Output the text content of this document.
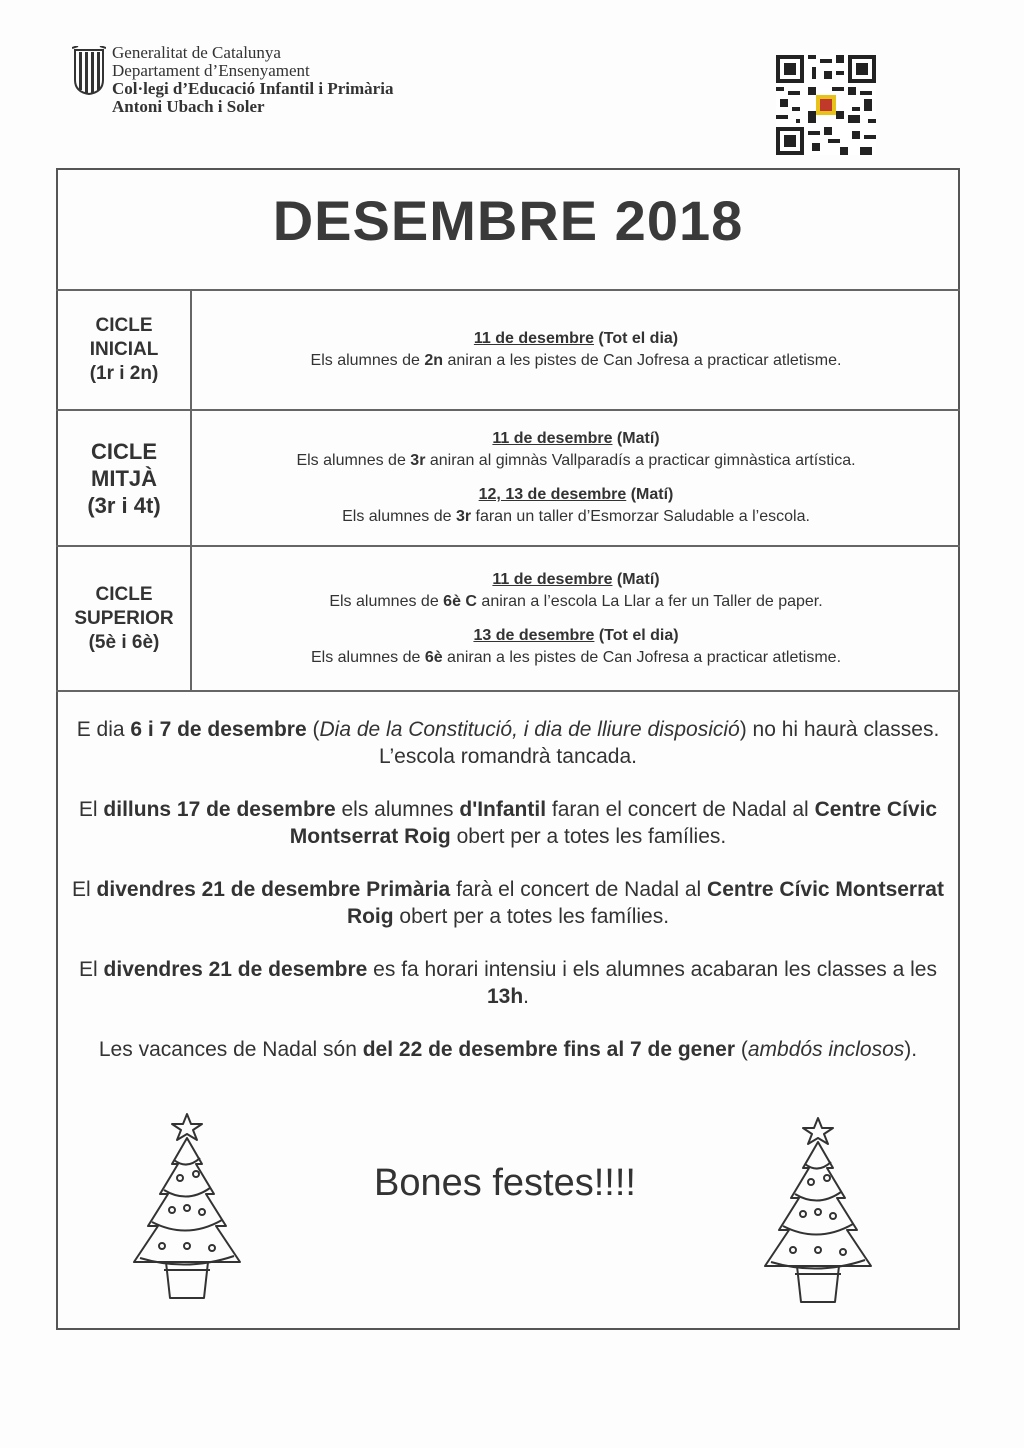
Generalitat de Catalunya
Departament d’Ensenyament
Col·legi d’Educació Infantil i Primària
Antoni Ubach i Soler
DESEMBRE 2018
CICLE
INICIAL
(1r i 2n)
11 de desembre (Tot el dia)
Els alumnes de 2n aniran a les pistes de Can Jofresa a practicar atletisme.
CICLE
MITJÀ
(3r i 4t)
11 de desembre (Matí)
Els alumnes de 3r aniran al gimnàs Vallparadís a practicar gimnàstica artística.
12, 13 de desembre (Matí)
Els alumnes de 3r faran un taller d’Esmorzar Saludable a l’escola.
CICLE
SUPERIOR
(5è i 6è)
11 de desembre (Matí)
Els alumnes de 6è C aniran a l’escola La Llar a fer un Taller de paper.
13 de desembre (Tot el dia)
Els alumnes de 6è aniran a les pistes de Can Jofresa a practicar atletisme.

E dia 6 i 7 de desembre (Dia de la Constitució, i dia de lliure disposició) no hi haurà classes. L’escola romandrà tancada.

El dilluns 17 de desembre els alumnes d'Infantil faran el concert de Nadal al Centre Cívic Montserrat Roig obert per a totes les famílies.

El divendres 21 de desembre Primària farà el concert de Nadal al Centre Cívic Montserrat Roig obert per a totes les famílies.

El divendres 21 de desembre es fa horari intensiu i els alumnes acabaran les classes a les 13h.

Les vacances de Nadal són del 22 de desembre fins al 7 de gener (ambdós inclosos).

Bones festes!!!!
